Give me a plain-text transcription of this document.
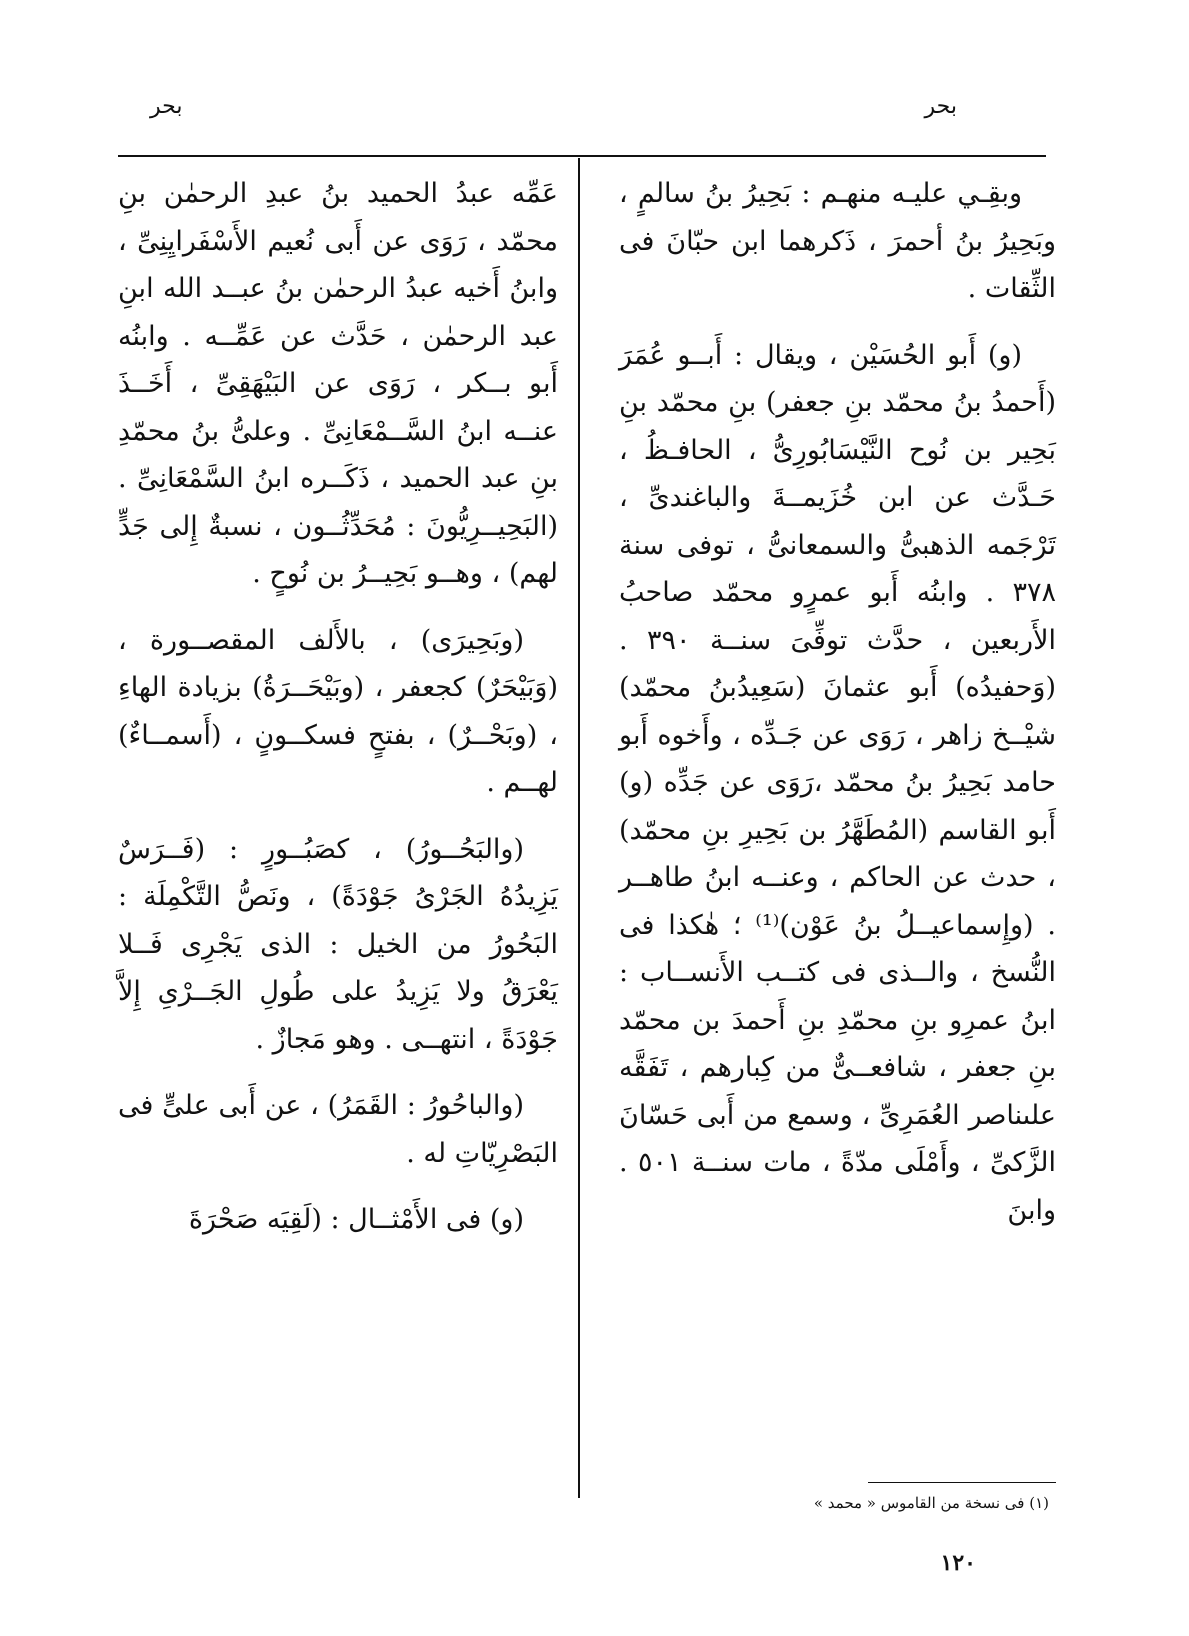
بحر
بحر

وبقِـي عليـه منهـم : بَحِيرُ بنُ سالمٍ ، وبَحِيرُ بنُ أحمرَ ، ذَكرهما ابن حبّانَ فى الثِّقات .

(و) أَبو الحُسَيْن ، ويقال : أَبــو عُمَرَ (أَحمدُ بنُ محمّد بنِ جعفر) بنِ محمّد بنِ بَحِير بن نُوح النَّيْسَابُورِىُّ ، الحافـظُ ، حَـدَّث عن ابن خُزَيمــةَ والباغندىِّ ، تَرْجَمه الذهبىُّ والسمعانىُّ ، توفى سنة ٣٧٨ . وابنُه أَبو عمرٍو محمّد صاحبُ الأَربعين ، حدَّث توفِّىَ سنــة ٣٩٠ . (وَحفيدُه) أَبو عثمانَ (سَعِيدُبنُ محمّد) شيْــخ زاهر ، رَوَى عن جَـدِّه ، وأَخوه أَبو حامد بَحِيرُ بنُ محمّد ،رَوَى عن جَدِّه (و) أَبو القاسم (المُطَهَّرُ بن بَحِيرِ بنِ محمّد) ، حدث عن الحاكم ، وعنــه ابنُ طاهــر . (وإِسماعيــلُ بنُ عَوْن)⁽¹⁾ ؛ هٰكذا فى النُّسخ ، والــذى فى كتــب الأَنســاب : ابنُ عمرِو بنِ محمّدِ بنِ أَحمدَ بن محمّد بنِ جعفر ، شافعــىٌّ من كِبارهم ، تَفَقَّه علىناصر العُمَرِىِّ ، وسمع من أَبى حَسّانَ الزَّكىِّ ، وأَمْلَى مدّةً ، مات سنــة ٥٠١ . وابنَ

عَمِّه عبدُ الحميد بنُ عبدِ الرحمٰن بنِ محمّد ، رَوَى عن أَبى نُعيم الأَسْفَرايِنِىِّ ، وابنُ أَخيه عبدُ الرحمٰن بنُ عبــد الله ابنِ عبد الرحمٰن ، حَدَّث عن عَمِّــه . وابنُه أَبو بــكر ، رَوَى عن البَيْهَقِىِّ ، أَخَــذَ عنــه ابنُ السَّــمْعَانِىِّ . وعلىُّ بنُ محمّدِ بنِ عبد الحميد ، ذَكَــره ابنُ السَّمْعَانِىِّ . (البَحِيــرِيُّونَ : مُحَدِّثُــون ، نسبةٌ إِلى جَدٍّ لهم) ، وهــو بَحِيــرُ بن نُوحٍ .

(وبَحِيرَى) ، بالأَلف المقصــورة ، (وَبَيْحَرٌ) كجعفر ، (وبَيْحَــرَةُ) بزيادة الهاءِ ، (وبَحْــرٌ) ، بفتحٍ فسكــونٍ ، (أَسمــاءٌ) لهــم .

(والبَحُــورُ) ، كصَبُــورٍ : (فَــرَسٌ يَزِيدُهُ الجَرْىُ جَوْدَةً) ، ونَصُّ التَّكْمِلَة : البَحُورُ من الخيل : الذى يَجْرِى فَــلا يَعْرَقُ ولا يَزِيدُ على طُولِ الجَــرْىِ إِلاَّ جَوْدَةً ، انتهــى . وهو مَجازٌ .

(والباحُورُ : القَمَرُ) ، عن أَبى علىٍّ فى البَصْرِيّاتِ له .

(و) فى الأَمْثــال : (لَقِيَه صَحْرَةَ

(١) فى نسخة من القاموس « محمد »
١٢٠
